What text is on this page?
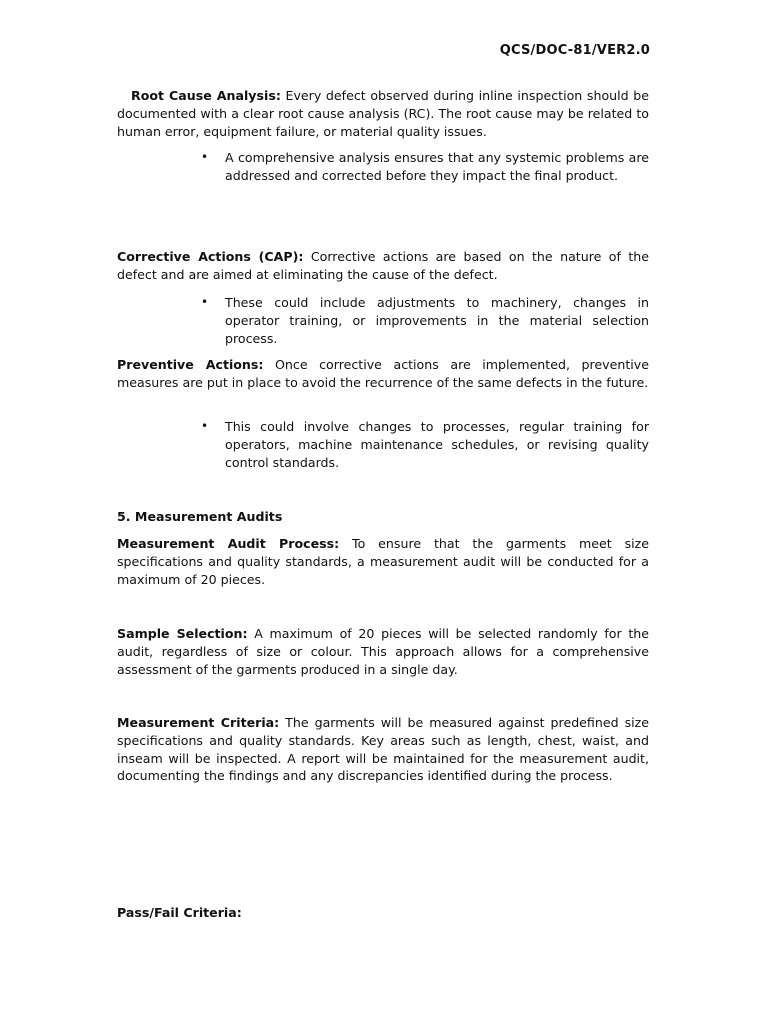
QCS/DOC-81/VER2.0

Root Cause Analysis: Every defect observed during inline inspection should be documented with a clear root cause analysis (RC). The root cause may be related to human error, equipment failure, or material quality issues.

• A comprehensive analysis ensures that any systemic problems are addressed and corrected before they impact the final product.

Corrective Actions (CAP): Corrective actions are based on the nature of the defect and are aimed at eliminating the cause of the defect.

• These could include adjustments to machinery, changes in operator training, or improvements in the material selection process.

Preventive Actions: Once corrective actions are implemented, preventive measures are put in place to avoid the recurrence of the same defects in the future.

• This could involve changes to processes, regular training for operators, machine maintenance schedules, or revising quality control standards.
5. Measurement Audits

Measurement Audit Process: To ensure that the garments meet size specifications and quality standards, a measurement audit will be conducted for a maximum of 20 pieces.

Sample Selection: A maximum of 20 pieces will be selected randomly for the audit, regardless of size or colour. This approach allows for a comprehensive assessment of the garments produced in a single day.

Measurement Criteria: The garments will be measured against predefined size specifications and quality standards. Key areas such as length, chest, waist, and inseam will be inspected. A report will be maintained for the measurement audit, documenting the findings and any discrepancies identified during the process.

Pass/Fail Criteria:
